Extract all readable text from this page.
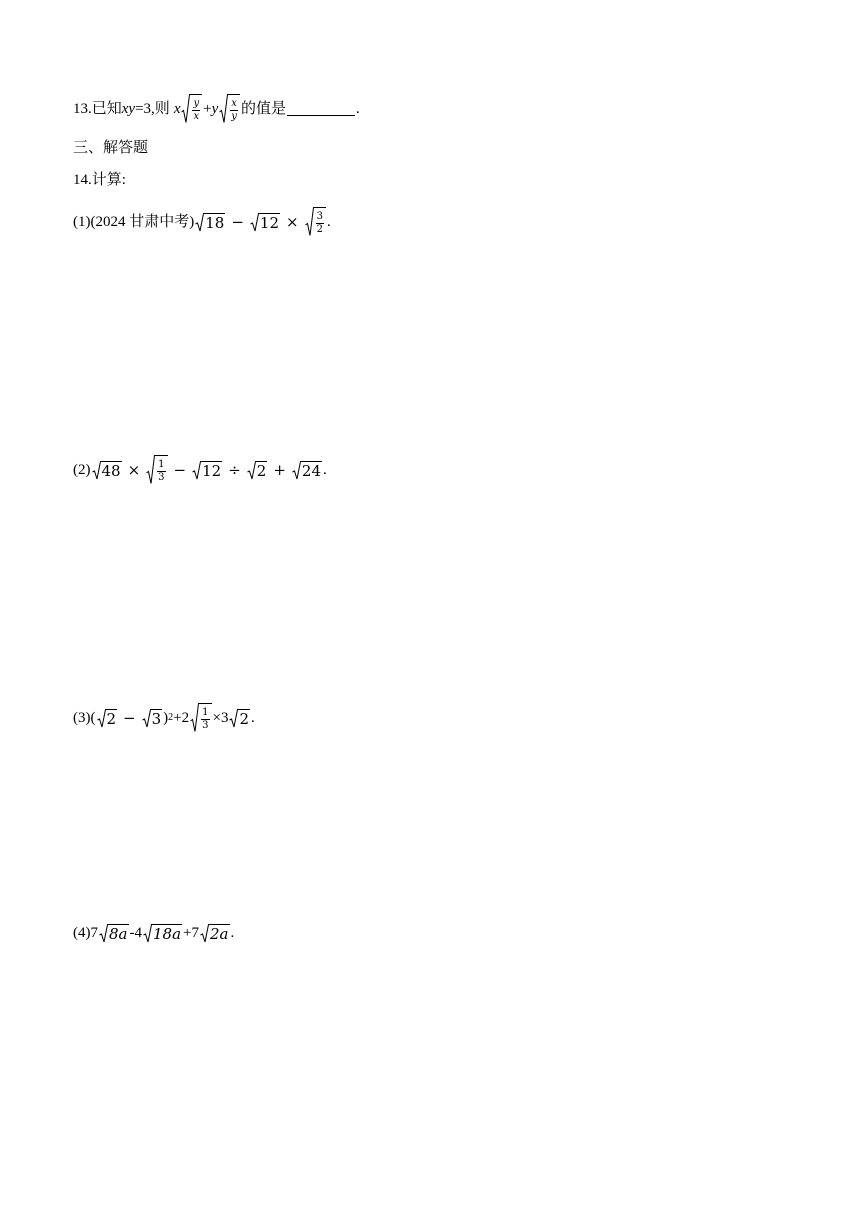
13. 已知 xy =3,则 x $\frac{y}{x} + y \frac{x}{y}$ 的值是	.
三、解答题
14.计算:
(1)(2024 甘肃中考) $18 - 12 \times \frac{3}{2}$ .
(2) $48 \times \frac{1}{3} - 12 \div 2 + 24$ .
(3)( 2 − 3 ) $2 +2 \frac{1}{3} \times 3$ 2 .
(4)7 8a -4 18a +7 2a .
